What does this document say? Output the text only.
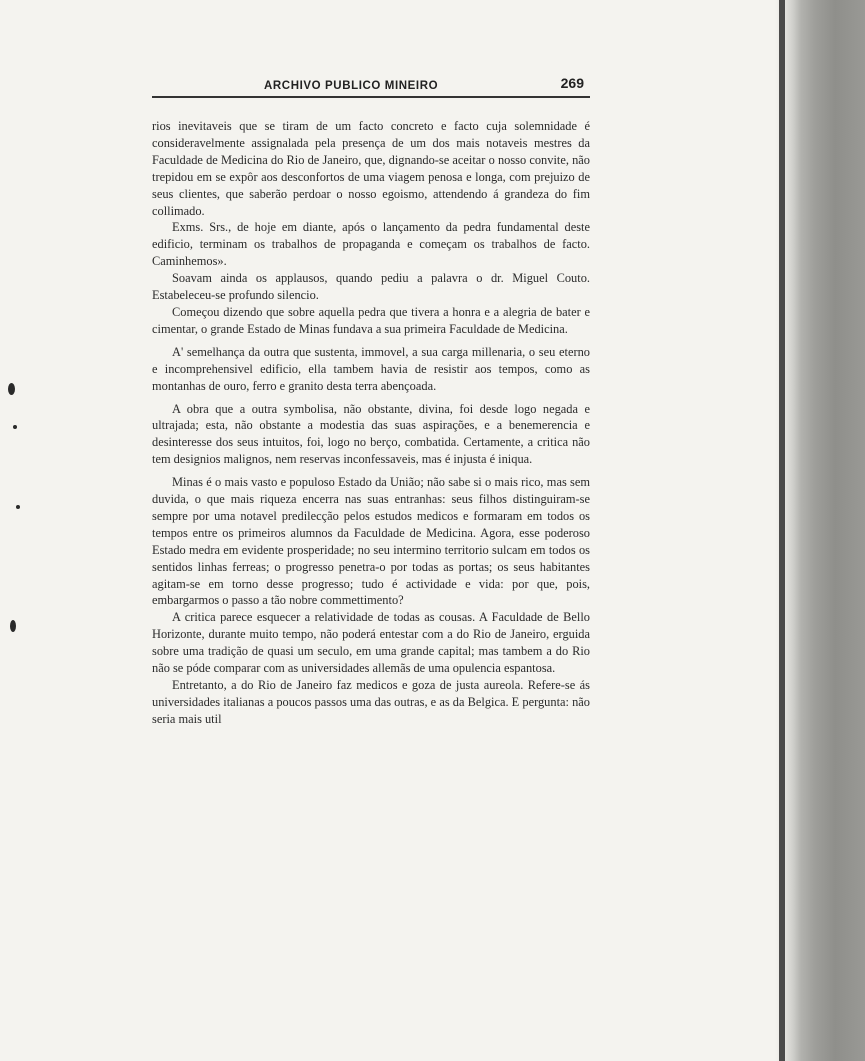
ARCHIVO PUBLICO MINEIRO	269

rios inevitaveis que se tiram de um facto concreto e facto cuja solemnidade é consideravelmente assignalada pela presença de um dos mais notaveis mestres da Faculdade de Medicina do Rio de Janeiro, que, dignando-se aceitar o nosso convite, não trepidou em se expôr aos desconfortos de uma viagem penosa e longa, com prejuizo de seus clientes, que saberão perdoar o nosso egoismo, attendendo á grandeza do fim collimado.

Exms. Srs., de hoje em diante, após o lançamento da pedra fundamental deste edificio, terminam os trabalhos de propaganda e começam os trabalhos de facto. Caminhemos».

Soavam ainda os applausos, quando pediu a palavra o dr. Miguel Couto. Estabeleceu-se profundo silencio.

Começou dizendo que sobre aquella pedra que tivera a honra e a alegria de bater e cimentar, o grande Estado de Minas fundava a sua primeira Faculdade de Medicina.

A' semelhança da outra que sustenta, immovel, a sua carga millenaria, o seu eterno e incomprehensivel edificio, ella tambem havia de resistir aos tempos, como as montanhas de ouro, ferro e granito desta terra abençoada.

A obra que a outra symbolisa, não obstante, divina, foi desde logo negada e ultrajada; esta, não obstante a modestia das suas aspirações, e a benemerencia e desinteresse dos seus intuitos, foi, logo no berço, combatida. Certamente, a critica não tem designios malignos, nem reservas inconfessaveis, mas é injusta é iniqua.

Minas é o mais vasto e populoso Estado da União; não sabe si o mais rico, mas sem duvida, o que mais riqueza encerra nas suas entranhas: seus filhos distinguiram-se sempre por uma notavel predilecção pelos estudos medicos e formaram em todos os tempos entre os primeiros alumnos da Faculdade de Medicina. Agora, esse poderoso Estado medra em evidente prosperidade; no seu intermino territorio sulcam em todos os sentidos linhas ferreas; o progresso penetra-o por todas as portas; os seus habitantes agitam-se em torno desse progresso; tudo é actividade e vida: por que, pois, embargarmos o passo a tão nobre commettimento?

A critica parece esquecer a relatividade de todas as cousas. A Faculdade de Bello Horizonte, durante muito tempo, não poderá entestar com a do Rio de Janeiro, erguida sobre uma tradição de quasi um seculo, em uma grande capital; mas tambem a do Rio não se póde comparar com as universidades allemãs de uma opulencia espantosa.

Entretanto, a do Rio de Janeiro faz medicos e goza de justa aureola. Refere-se ás universidades italianas a poucos passos uma das outras, e as da Belgica. E pergunta: não seria mais util
